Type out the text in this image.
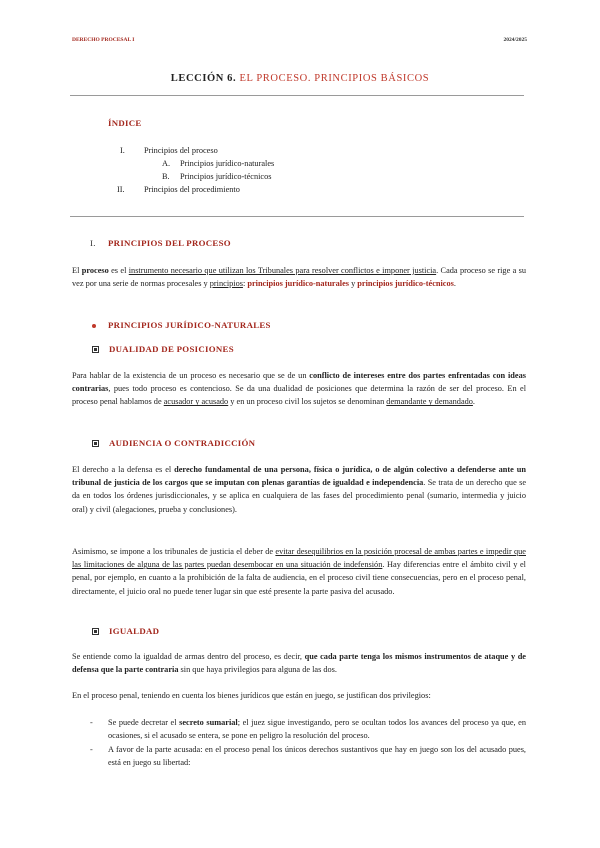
DERECHO PROCESAL I	2024/2025
LECCIÓN 6. EL PROCESO. PRINCIPIOS BÁSICOS
ÍNDICE
I. Principios del proceso
A. Principios jurídico-naturales
B. Principios jurídico-técnicos
II. Principios del procedimiento
I. PRINCIPIOS DEL PROCESO
El proceso es el instrumento necesario que utilizan los Tribunales para resolver conflictos e imponer justicia. Cada proceso se rige a su vez por una serie de normas procesales y principios: principios jurídico-naturales y principios jurídico-técnicos.
PRINCIPIOS JURÍDICO-NATURALES
DUALIDAD DE POSICIONES
Para hablar de la existencia de un proceso es necesario que se de un conflicto de intereses entre dos partes enfrentadas con ideas contrarias, pues todo proceso es contencioso. Se da una dualidad de posiciones que determina la razón de ser del proceso. En el proceso penal hablamos de acusador y acusado y en un proceso civil los sujetos se denominan demandante y demandado.
AUDIENCIA O CONTRADICCIÓN
El derecho a la defensa es el derecho fundamental de una persona, física o jurídica, o de algún colectivo a defenderse ante un tribunal de justicia de los cargos que se imputan con plenas garantías de igualdad e independencia. Se trata de un derecho que se da en todos los órdenes jurisdiccionales, y se aplica en cualquiera de las fases del procedimiento penal (sumario, intermedia y juicio oral) y civil (alegaciones, prueba y conclusiones).
Asimismo, se impone a los tribunales de justicia el deber de evitar desequilibrios en la posición procesal de ambas partes e impedir que las limitaciones de alguna de las partes puedan desembocar en una situación de indefensión. Hay diferencias entre el ámbito civil y el penal, por ejemplo, en cuanto a la prohibición de la falta de audiencia, en el proceso civil tiene consecuencias, pero en el proceso penal, directamente, el juicio oral no puede tener lugar sin que esté presente la parte pasiva del acusado.
IGUALDAD
Se entiende como la igualdad de armas dentro del proceso, es decir, que cada parte tenga los mismos instrumentos de ataque y de defensa que la parte contraria sin que haya privilegios para alguna de las dos.
En el proceso penal, teniendo en cuenta los bienes jurídicos que están en juego, se justifican dos privilegios:
- Se puede decretar el secreto sumarial; el juez sigue investigando, pero se ocultan todos los avances del proceso ya que, en ocasiones, si el acusado se entera, se pone en peligro la resolución del proceso.
- A favor de la parte acusada: en el proceso penal los únicos derechos sustantivos que hay en juego son los del acusado pues, está en juego su libertad:
